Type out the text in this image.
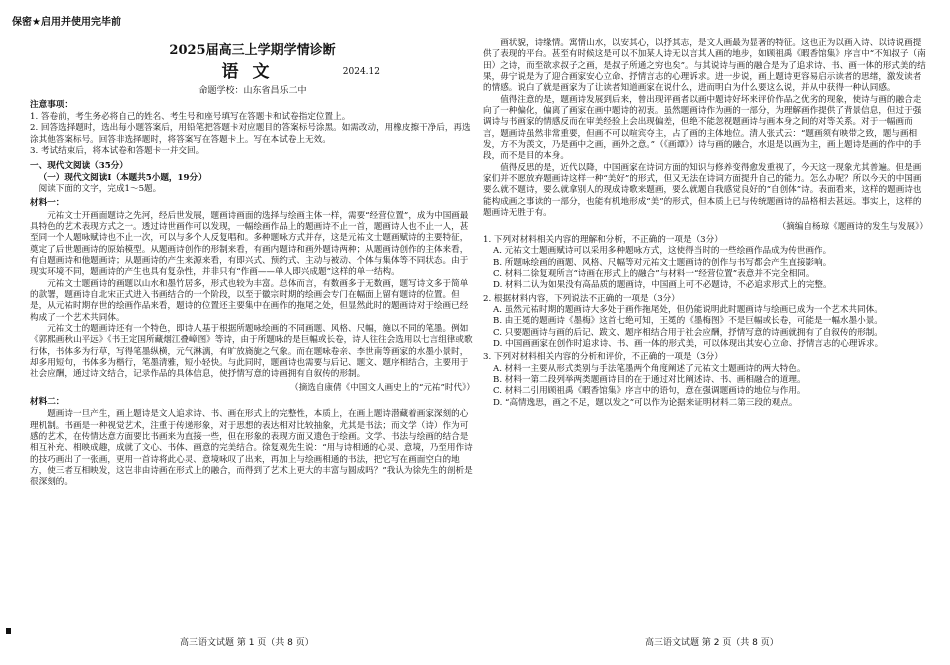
保密★启用并使用完毕前
2025届高三上学期学情诊断
语文	2024.12
命题学校：山东省昌乐二中

注意事项：

1. 答卷前，考生务必将自己的姓名、考生号和座号填写在答题卡和试卷指定位置上。

2. 回答选择题时，选出每小题答案后，用铅笔把答题卡对应题目的答案标号涂黑。如需改动，用橡皮擦干净后，再选涂其他答案标号。回答非选择题时，将答案写在答题卡上。写在本试卷上无效。

3. 考试结束后，将本试卷和答题卡一并交回。

一、现代文阅读（35分）

（一）现代文阅读Ⅰ（本题共5小题，19分）

阅读下面的文字，完成1～5题。

材料一：

元祐文士开画面题诗之先河，经后世发展，题画诗画面的选择与绘画主体一样，需要“经营位置”，成为中国画最具特色的艺术表现方式之一。透过诗世画作可以发现，一幅绘画作品上的题画诗不止一首，题画诗人也不止一人，甚至同一个人题咏赋诗也不止一次，可以与多个人反复唱和。多种题咏方式并存，这是元祐文士题画赋诗的主要特征，奠定了后世题画诗的原始模型。从题画诗创作的形制来看，有画内题诗和画外题诗两种；从题画诗创作的主体来看，有自题画诗和他题画诗；从题画诗的产生来源来看，有即兴式、预约式、主动与被动、个体与集体等不同状态。由于现实环境不同，题画诗的产生也具有复杂性，并非只有“作画——单人即兴成题”这样的单一结构。

元祐文士题画诗的画题以山水和墨竹居多，形式也较为丰富。总体而言，有数画多于无数画，题写诗文多于简单的款署，题画诗自北宋正式进入书画结合的一个阶段，以至于徽宗时期的绘画会专门在幅面上留有题诗的位置。但是，从元祐时期存世的绘画作品来看，题诗的位置还主要集中在画作的拖尾之处，但显然此时的题画诗对于绘画已经构成了一个艺术共同体。

元祐文士的题画诗还有一个特色，即诗人基于根据所题咏绘画的不同画题、风格、尺幅，施以不同的笔墨。例如《郭熙画秋山平远》《书王定国所藏烟江叠嶂图》等诗，由于所题咏的是巨幅或长卷，诗人往往会选用以七言组律或歌行体，书体多为行草，写得笔墨纵横，元气淋漓，有旷放旖旎之气象。而在题咏卷亲、李世南等画家的水墨小景时，却多用短句，书体多为楷行，笔墨清雅，短小轻快。与此同时，题画诗也需要与后记、题文、题序相结合，主要用于社会应酬，通过诗文结合，记录作品的具体信息，使抒情写意的诗画拥有自叙传的形制。

（摘选自康倩《中国文人画史上的“元祐”时代》）

材料二：

题画诗一旦产生，画上题诗是文人追求诗、书、画在形式上的完整性，本质上，在画上题诗潜藏着画家深刻的心理机制。书画是一种视觉艺术，注重于传递形象，对于思想的表达相对比较抽象，尤其是书法；而文学（诗）作为可感的艺术，在传情达意方面要比书画来为直接一些，但在形象的表现方面又遗色于绘画。文学、书法与绘画的结合是相互补充、相映成趣，成就了文心、书体、画意的完美结合。徐复观先生说：“用与诗相通的心灵、意境，乃至用作诗的技巧画出了一张画，更用一首诗将此心灵、意境咏叹了出来，再加上与绘画相通的书法，把它写在画面空白的地方，使三者互相映发，这岂非由诗画在形式上的融合，而得到了艺术上更大的丰富与圆成吗？”我认为徐先生的剖析是很深刻的。

画状貌，诗缘情。寓情山水，以安其心，以抒其志，是文人画最为显著的特征。这也正为以画入诗、以诗说画提供了表现的平台。甚至有时候这是可以不加某人诗无以言其人画的地步，如顾祖禹《暇香馆集》序言中“不知叔子（南田）之诗，而至欲求叔子之画，是叔子所通之穷也矣”。与其说诗与画的融合是为了追求诗、书、画一体的形式美的结果，毋宁说是为了迎合画家安心立命、抒情言志的心理诉求。进一步说，画上题诗更容易启示读者的思绪，激发读者的情感。说白了就是画家为了让读者知道画家在说什么，进而明白为什么要这么说，并从中获得一种认同感。

值得注意的是，题画诗发展到后来，曾出现评画者以画中题诗好坏来评价作品之优劣的现象，使诗与画的融合走向了一种偏化，偏离了画家在画中题诗的初衷。虽然题画诗作为画的一部分，为理解画作提供了背景信息，但过于强调诗与书画家的情感反而在审美经验上会出现偏差，但绝不能忽视题画诗与画本身之间的对等关系。对于一幅画而言，题画诗虽然非常重要，但画不可以喧宾夺主，占了画的主体地位。清人张式云：“题画须有映带之致，题与画相发，方不为羡文，乃是画中之画，画外之意。”（《画谭》）诗与画的融合，水退是以画为主，画上题诗是画的作中的手段，而不是目的本身。

值得反思的是，近代以降，中国画家在诗词方面的知识与修养变得愈发重视了，今天这一现象尤其普遍。但是画家们并不愿放弃题画诗这样一种“美好”的形式，但又无法在诗词方面提升自己的能力。怎么办呢？所以今天的中国画要么就不题诗，要么就拿别人的现成诗歌来题画，要么就题自我感觉良好的“自创体”诗。表面看来，这样的题画诗也能构成画之事读的一部分，也能有机地形成“美”的形式，但本质上已与传统题画诗的品格相去甚远。事实上，这样的题画诗无胜于有。

（摘编自杨琼《题画诗的发生与发展》）

1. 下列对材料相关内容的理解和分析，不正确的一项是（3分）

A. 元祐文士题画赋诗可以采用多种题咏方式，这使得当时的一些绘画作品成为传世画作。

B. 所题咏绘画的画题、风格、尺幅等对元祐文士题画诗的创作与书写都会产生直接影响。

C. 材料二徐复观所言“诗画在形式上的融合”与材料一“经营位置”表意并不完全相同。

D. 材料二认为如果没有高品质的题画诗，中国画上可不必题诗，不必追求形式上的完整。

2. 根据材料内容，下列说法不正确的一项是（3分）

A. 虽然元祐时期的题画诗大多处于画作拖尾处，但仍能说明此时题画诗与绘画已成为一个艺术共同体。

B. 由王冕的题画诗《墨梅》这首七绝可知，王冕的《墨梅图》不是巨幅或长卷，可能是一幅水墨小景。

C. 只要题画诗与画的后记、跋文、题序相结合用于社会应酬，抒情写意的诗画就拥有了自叙传的形制。

D. 中国画画家在创作时追求诗、书、画一体的形式美，可以体现出其安心立命、抒情言志的心理诉求。

3. 下列对材料相关内容的分析和评价，不正确的一项是（3分）

A. 材料一主要从形式类别与手法笔墨两个角度阐述了元祐文士题画诗的两大特色。

B. 材料一第二段列举两类题画诗目的在于通过对比阐述诗、书、画相融合的道理。

C. 材料二引用顾祖禹《暇香馆集》序言中的语句，意在强调题画诗的地位与作用。

D. “高情逸思，画之不足，题以发之”可以作为论据来证明材料二第三段的观点。

高三语文试题 第 1 页（共 8 页）	高三语文试题 第 2 页（共 8 页）
